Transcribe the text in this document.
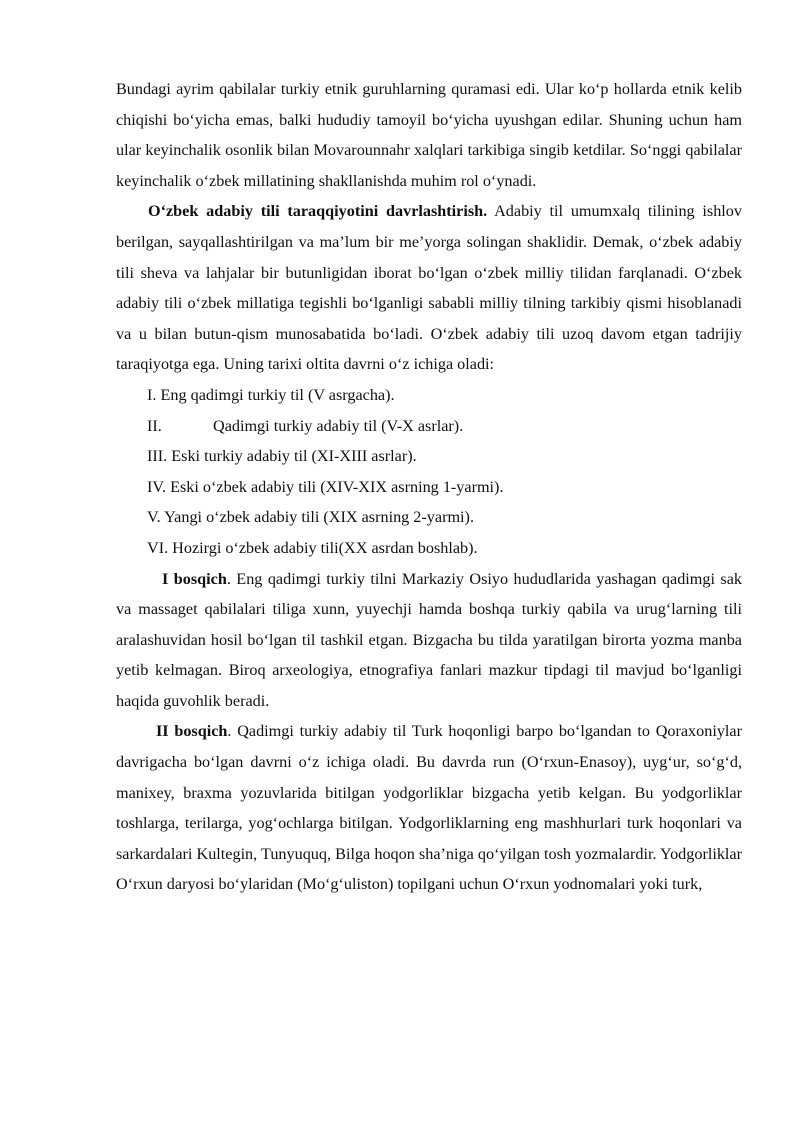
Bundagi ayrim qabilalar turkiy etnik guruhlarning quramasi edi. Ular koʻp hollarda etnik kelib chiqishi boʻyicha emas, balki hududiy tamoyil boʻyicha uyushgan edilar. Shuning uchun ham ular keyinchalik osonlik bilan Movarounnahr xalqlari tarkibiga singib ketdilar. Soʻnggi qabilalar keyinchalik oʻzbek millatining shakllanishda muhim rol oʻynadi.

Oʻzbek adabiy tili taraqqiyotini davrlashtirish. Adabiy til umumxalq tilining ishlov berilgan, sayqallashtirilgan va ma’lum bir me’yorga solingan shaklidir. Demak, oʻzbek adabiy tili sheva va lahjalar bir butunligidan iborat boʻlgan oʻzbek milliy tilidan farqlanadi. Oʻzbek adabiy tili oʻzbek millatiga tegishli boʻlganligi sababli milliy tilning tarkibiy qismi hisoblanadi va u bilan butun-qism munosabatida boʻladi. Oʻzbek adabiy tili uzoq davom etgan tadrijiy taraqiyotga ega. Uning tarixi oltita davrni oʻz ichiga oladi:

I. Eng qadimgi turkiy til (V asrgacha).

II.	Qadimgi turkiy adabiy til (V-X asrlar).

III. Eski turkiy adabiy til (XI-XIII asrlar).

IV. Eski oʻzbek adabiy tili (XIV-XIX asrning 1-yarmi).

V. Yangi oʻzbek adabiy tili (XIX asrning 2-yarmi).

VI. Hozirgi oʻzbek adabiy tili(XX asrdan boshlab).

I bosqich. Eng qadimgi turkiy tilni Markaziy Osiyo hududlarida yashagan qadimgi sak va massaget qabilalari tiliga xunn, yuyechji hamda boshqa turkiy qabila va urugʻlarning tili aralashuvidan hosil boʻlgan til tashkil etgan. Bizgacha bu tilda yaratilgan birorta yozma manba yetib kelmagan. Biroq arxeologiya, etnografiya fanlari mazkur tipdagi til mavjud boʻlganligi haqida guvohlik beradi.

II bosqich. Qadimgi turkiy adabiy til Turk hoqonligi barpo boʻlgandan to Qoraxoniylar davrigacha boʻlgan davrni oʻz ichiga oladi. Bu davrda run (Oʻrxun-Enasoy), uygʻur, soʻgʻd, manixey, braxma yozuvlarida bitilgan yodgorliklar bizgacha yetib kelgan. Bu yodgorliklar toshlarga, terilarga, yogʻochlarga bitilgan. Yodgorliklarning eng mashhurlari turk hoqonlari va sarkardalari Kultegin, Tunyuquq, Bilga hoqon sha’niga qoʻyilgan tosh yozmalardir. Yodgorliklar Oʻrxun daryosi boʻylaridan (Moʻgʻuliston) topilgani uchun Oʻrxun yodnomalari yoki turk,
